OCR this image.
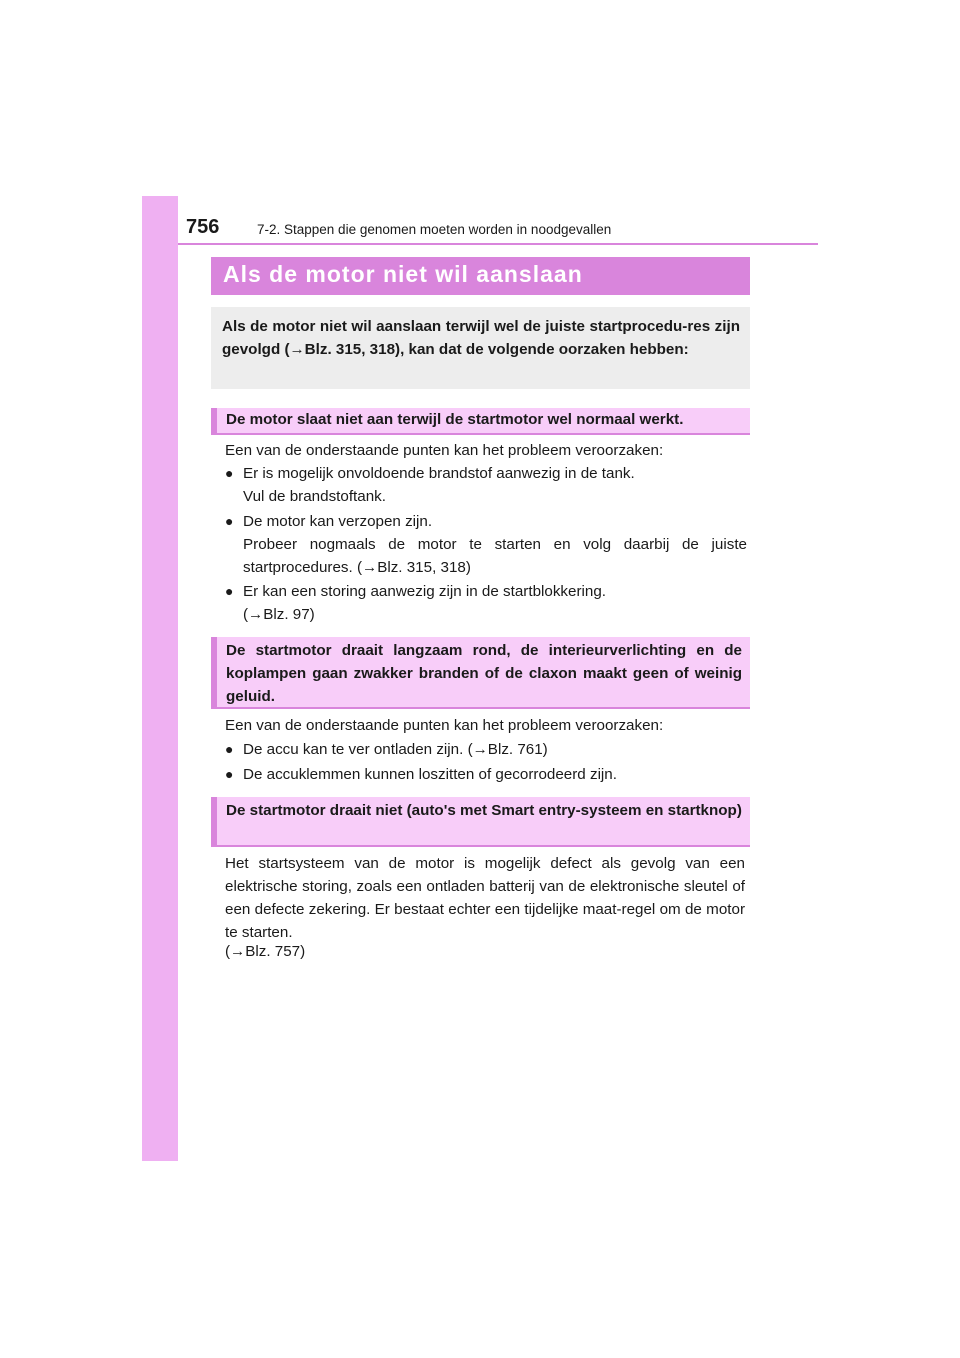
756	7-2. Stappen die genomen moeten worden in noodgevallen
Als de motor niet wil aanslaan

Als de motor niet wil aanslaan terwijl wel de juiste startprocedu-res zijn gevolgd (→Blz. 315, 318), kan dat de volgende oorzaken hebben:

De motor slaat niet aan terwijl de startmotor wel normaal werkt.

Een van de onderstaande punten kan het probleem veroorzaken:

● Er is mogelijk onvoldoende brandstof aanwezig in de tank.
Vul de brandstoftank.
● De motor kan verzopen zijn.
Probeer nogmaals de motor te starten en volg daarbij de juiste startprocedures. (→Blz. 315, 318)
● Er kan een storing aanwezig zijn in de startblokkering.
(→Blz. 97)
De startmotor draait langzaam rond, de interieurverlichting en de koplampen gaan zwakker branden of de claxon maakt geen of weinig geluid.

Een van de onderstaande punten kan het probleem veroorzaken:

● De accu kan te ver ontladen zijn. (→Blz. 761)
● De accuklemmen kunnen loszitten of gecorrodeerd zijn.
De startmotor draait niet (auto's met Smart entry-systeem en startknop)

Het startsysteem van de motor is mogelijk defect als gevolg van een elektrische storing, zoals een ontladen batterij van de elektronische sleutel of een defecte zekering. Er bestaat echter een tijdelijke maat-regel om de motor te starten.

(→Blz. 757)
